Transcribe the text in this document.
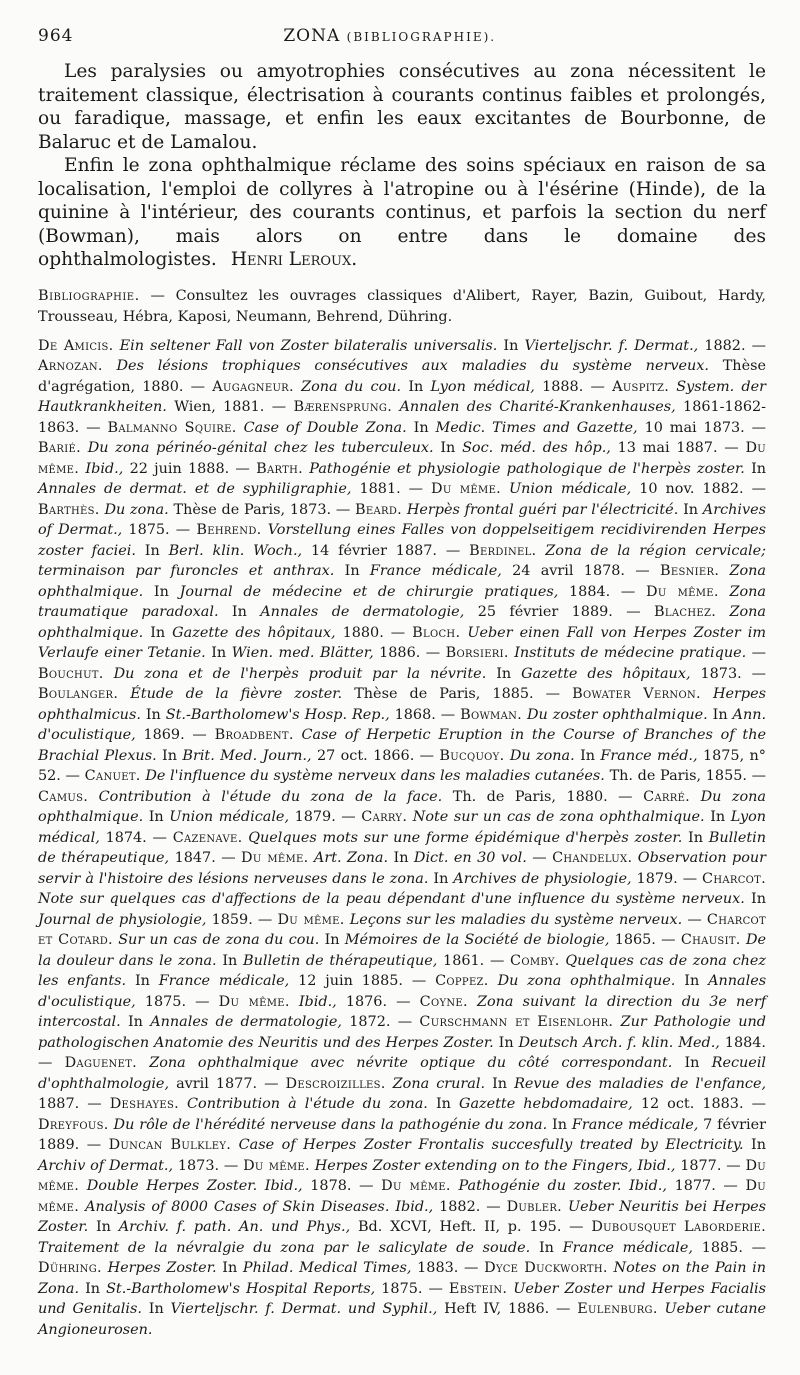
964	ZONA (BIBLIOGRAPHIE).

Les paralysies ou amyotrophies consécutives au zona nécessitent le traitement classique, électrisation à courants continus faibles et prolongés, ou faradique, massage, et enfin les eaux excitantes de Bourbonne, de Balaruc et de Lamalou.

Enfin le zona ophthalmique réclame des soins spéciaux en raison de sa localisation, l'emploi de collyres à l'atropine ou à l'ésérine (Hinde), de la quinine à l'intérieur, des courants continus, et parfois la section du nerf (Bowman), mais alors on entre dans le domaine des ophthalmologistes. Henri Leroux.

Bibliographie. — Consultez les ouvrages classiques d'Alibert, Rayer, Bazin, Guibout, Hardy, Trousseau, Hébra, Kaposi, Neumann, Behrend, Dühring.

De Amicis. Ein seltener Fall von Zoster bilateralis universalis. In Vierteljschr. f. Dermat., 1882. — Arnozan. Des lésions trophiques consécutives aux maladies du système nerveux. Thèse d'agrégation, 1880. — Augagneur. Zona du cou. In Lyon médical, 1888. — Auspitz. System. der Hautkrankheiten. Wien, 1881. — Bærensprung. Annalen des Charité-Krankenhauses, 1861-1862-1863. — Balmanno Squire. Case of Double Zona. In Medic. Times and Gazette, 10 mai 1873. — Barié. Du zona périnéo-génital chez les tuberculeux. In Soc. méd. des hôp., 13 mai 1887. — Du même. Ibid., 22 juin 1888. — Barth. Pathogénie et physiologie pathologique de l'herpès zoster. In Annales de dermat. et de syphiligraphie, 1881. — Du même. Union médicale, 10 nov. 1882. — Barthès. Du zona. Thèse de Paris, 1873. — Beard. Herpès frontal guéri par l'électricité. In Archives of Dermat., 1875. — Behrend. Vorstellung eines Falles von doppelseitigem recidivirenden Herpes zoster faciei. In Berl. klin. Woch., 14 février 1887. — Berdinel. Zona de la région cervicale; terminaison par furoncles et anthrax. In France médicale, 24 avril 1878. — Besnier. Zona ophthalmique. In Journal de médecine et de chirurgie pratiques, 1884. — Du même. Zona traumatique paradoxal. In Annales de dermatologie, 25 février 1889. — Blachez. Zona ophthalmique. In Gazette des hôpitaux, 1880. — Bloch. Ueber einen Fall von Herpes Zoster im Verlaufe einer Tetanie. In Wien. med. Blätter, 1886. — Borsieri. Instituts de médecine pratique. — Bouchut. Du zona et de l'herpès produit par la névrite. In Gazette des hôpitaux, 1873. — Boulanger. Étude de la fièvre zoster. Thèse de Paris, 1885. — Bowater Vernon. Herpes ophthalmicus. In St.-Bartholomew's Hosp. Rep., 1868. — Bowman. Du zoster ophthalmique. In Ann. d'oculistique, 1869. — Broadbent. Case of Herpetic Eruption in the Course of Branches of the Brachial Plexus. In Brit. Med. Journ., 27 oct. 1866. — Bucquoy. Du zona. In France méd., 1875, n° 52. — Canuet. De l'influence du système nerveux dans les maladies cutanées. Th. de Paris, 1855. — Camus. Contribution à l'étude du zona de la face. Th. de Paris, 1880. — Carré. Du zona ophthalmique. In Union médicale, 1879. — Carry. Note sur un cas de zona ophthalmique. In Lyon médical, 1874. — Cazenave. Quelques mots sur une forme épidémique d'herpès zoster. In Bulletin de thérapeutique, 1847. — Du même. Art. Zona. In Dict. en 30 vol. — Chandelux. Observation pour servir à l'histoire des lésions nerveuses dans le zona. In Archives de physiologie, 1879. — Charcot. Note sur quelques cas d'affections de la peau dépendant d'une influence du système nerveux. In Journal de physiologie, 1859. — Du même. Leçons sur les maladies du système nerveux. — Charcot et Cotard. Sur un cas de zona du cou. In Mémoires de la Société de biologie, 1865. — Chausit. De la douleur dans le zona. In Bulletin de thérapeutique, 1861. — Comby. Quelques cas de zona chez les enfants. In France médicale, 12 juin 1885. — Coppez. Du zona ophthalmique. In Annales d'oculistique, 1875. — Du même. Ibid., 1876. — Coyne. Zona suivant la direction du 3e nerf intercostal. In Annales de dermatologie, 1872. — Curschmann et Eisenlohr. Zur Pathologie und pathologischen Anatomie des Neuritis und des Herpes Zoster. In Deutsch Arch. f. klin. Med., 1884. — Daguenet. Zona ophthalmique avec névrite optique du côté correspondant. In Recueil d'ophthalmologie, avril 1877. — Descroizilles. Zona crural. In Revue des maladies de l'enfance, 1887. — Deshayes. Contribution à l'étude du zona. In Gazette hebdomadaire, 12 oct. 1883. — Dreyfous. Du rôle de l'hérédité nerveuse dans la pathogénie du zona. In France médicale, 7 février 1889. — Duncan Bulkley. Case of Herpes Zoster Frontalis succesfully treated by Electricity. In Archiv of Dermat., 1873. — Du même. Herpes Zoster extending on to the Fingers, Ibid., 1877. — Du même. Double Herpes Zoster. Ibid., 1878. — Du même. Pathogénie du zoster. Ibid., 1877. — Du même. Analysis of 8000 Cases of Skin Diseases. Ibid., 1882. — Dubler. Ueber Neuritis bei Herpes Zoster. In Archiv. f. path. An. und Phys., Bd. XCVI, Heft. II, p. 195. — Dubousquet Laborderie. Traitement de la névralgie du zona par le salicylate de soude. In France médicale, 1885. — Dühring. Herpes Zoster. In Philad. Medical Times, 1883. — Dyce Duckworth. Notes on the Pain in Zona. In St.-Bartholomew's Hospital Reports, 1875. — Ebstein. Ueber Zoster und Herpes Facialis und Genitalis. In Vierteljschr. f. Dermat. und Syphil., Heft IV, 1886. — Eulenburg. Ueber cutane Angioneurosen.
